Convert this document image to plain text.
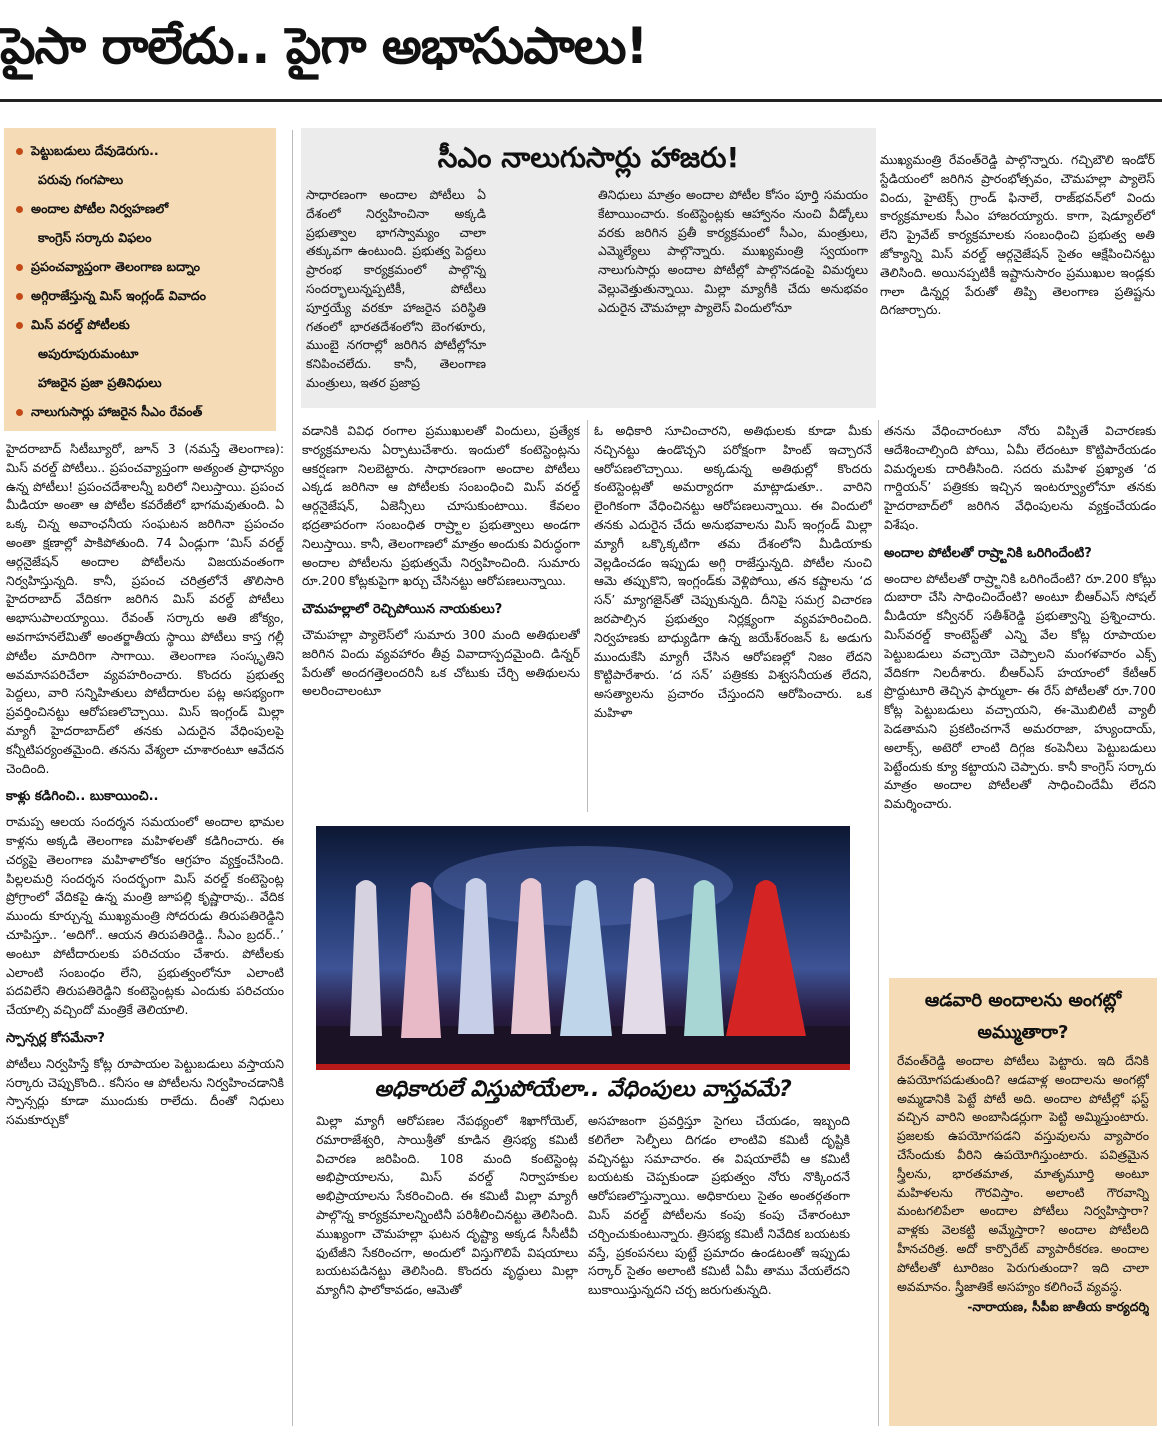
పైసా రాలేదు.. పైగా అభాసుపాలు!
పెట్టుబడులు దేవుడెరుగు..
పరువు గంగపాలు
అందాల పోటీల నిర్వహణలో
కాంగ్రెస్‌ సర్కారు విఫలం
ప్రపంచవ్యాప్తంగా తెలంగాణ బద్నాం
అగ్గిరాజేస్తున్న మిస్‌ ఇంగ్లండ్‌ వివాదం
మిస్‌ వరల్డ్‌ పోటీలకు
అపురూపురుమంటూ
హాజరైన ప్రజా ప్రతినిధులు
నాలుగుసార్లు హాజరైన సీఎం రేవంత్‌
సీఎం నాలుగుసార్లు హాజరు!
సాధారణంగా అందాల పోటీలు ఏ దేశంలో నిర్వహించినా అక్కడి ప్రభుత్వాల భాగస్వామ్యం చాలా తక్కువగా ఉంటుంది. ప్రభుత్వ పెద్దలు ప్రారంభ కార్యక్రమంలో పాల్గొన్న సందర్భాలున్నప్పటికీ, పోటీలు పూర్తయ్యే వరకూ హాజరైన పరిస్థితి గతంలో భారతదేశంలోని బెంగళూరు, ముంబై నగరాల్లో జరిగిన పోటీల్లోనూ కనిపించలేదు. కానీ, తెలంగాణ మంత్రులు, ఇతర ప్రజాప్ర
తినిధులు మాత్రం అందాల పోటీల కోసం పూర్తి సమయం కేటాయించారు. కంటెస్టెంట్లకు ఆహ్వానం నుంచి వీడ్కోలు వరకు జరిగిన ప్రతీ కార్యక్రమంలో సీఎం, మంత్రులు, ఎమ్మెల్యేలు పాల్గొన్నారు. ముఖ్యమంత్రి స్వయంగా నాలుగుసార్లు అందాల పోటీల్లో పాల్గొనడంపై విమర్శలు వెల్లువెత్తుతున్నాయి. మిల్లా మ్యాగీకి చేదు అనుభవం ఎదురైన చౌమహల్లా ప్యాలెస్‌ విందులోనూ
ముఖ్యమంత్రి రేవంత్‌రెడ్డి పాల్గొన్నారు. గచ్చిబౌలి ఇండోర్‌ స్టేడియంలో జరిగిన ప్రారంభోత్సవం, చౌమహల్లా ప్యాలెస్‌ విందు, హైటెక్స్‌ గ్రాండ్‌ ఫినాలే, రాజ్‌భవన్‌లో విందు కార్యక్రమాలకు సీఎం హాజరయ్యారు. కాగా, షెడ్యూల్‌లో లేని ప్రైవేట్‌ కార్యక్రమాలకు సంబంధించి ప్రభుత్వ అతి జోక్యాన్ని మిస్‌ వరల్డ్‌ ఆర్గనైజేషన్‌ సైతం ఆక్షేపించినట్టు తెలిసింది. అయినప్పటికీ ఇష్టానుసారం ప్రముఖుల ఇండ్లకు గాలా డిన్నర్ల పేరుతో తిప్పి తెలంగాణ ప్రతిష్టను దిగజార్చారు.

హైదరాబాద్‌ సిటీబ్యూరో, జూన్‌ 3 (నమస్తే తెలంగాణ): మిస్‌ వరల్డ్‌ పోటీలు.. ప్రపంచవ్యాప్తంగా అత్యంత ప్రాధాన్యం ఉన్న పోటీలు! ప్రపంచదేశాలన్నీ బరిలో నిలుస్తాయి. ప్రపంచ మీడియా అంతా ఆ పోటీల కవరేజీలో భాగమవుతుంది. ఏ ఒక్క చిన్న అవాంఛనీయ సంఘటన జరిగినా ప్రపంచం అంతా క్షణాల్లో పాకిపోతుంది. 74 ఏండ్లుగా ‘మిస్‌ వరల్డ్‌ ఆర్గనైజేషన్‌ అందాల పోటీలను విజయవంతంగా నిర్వహిస్తున్నది. కానీ, ప్రపంచ చరిత్రలోనే తొలిసారి హైదరాబాద్‌ వేదికగా జరిగిన మిస్‌ వరల్డ్‌ పోటీలు అభాసుపాలయ్యాయి. రేవంత్‌ సర్కారు అతి జోక్యం, అవగాహనలేమితో అంతర్జాతీయ స్థాయి పోటీలు కాస్త గల్లీ పోటీల మాదిరిగా సాగాయి. తెలంగాణ సంస్కృతిని అవమానపరిచేలా వ్యవహరించారు. కొందరు ప్రభుత్వ పెద్దలు, వారి సన్నిహితులు పోటీదారుల పట్ల అసభ్యంగా ప్రవర్తించినట్టు ఆరోపణలొచ్చాయి. మిస్‌ ఇంగ్లండ్‌ మిల్లా మ్యాగీ హైదరాబాద్‌లో తనకు ఎదురైన వేధింపులపై కన్నీటిపర్యంతమైంది. తనను వేశ్యలా చూశారంటూ ఆవేదన చెందింది.

కాళ్లు కడిగించి.. బుకాయించి..

రామప్ప ఆలయ సందర్శన సమయంలో అందాల భామల కాళ్లను అక్కడి తెలంగాణ మహిళలతో కడిగించారు. ఈ చర్యపై తెలంగాణ మహిళాలోకం ఆగ్రహం వ్యక్తంచేసింది. పిల్లలమర్రి సందర్శన సందర్భంగా మిస్‌ వరల్డ్‌ కంటెస్టెంట్ల ప్రోగ్రాంలో వేదికపై ఉన్న మంత్రి జూపల్లి కృష్ణారావు.. వేదిక ముందు కూర్చున్న ముఖ్యమంత్రి సోదరుడు తిరుపతిరెడ్డిని చూపిస్తూ.. ‘అదిగో.. ఆయన తిరుపతిరెడ్డి.. సీఎం బ్రదర్‌..’ అంటూ పోటీదారులకు పరిచయం చేశారు. పోటీలకు ఎలాంటి సంబంధం లేని, ప్రభుత్వంలోనూ ఎలాంటి పదవిలేని తిరుపతిరెడ్డిని కంటెస్టెంట్లకు ఎందుకు పరిచయం చేయాల్సి వచ్చిందో మంత్రికే తెలియాలి.

స్పాన్సర్ల కోసమేనా?

పోటీలు నిర్వహిస్తే కోట్ల రూపాయల పెట్టుబడులు వస్తాయని సర్కారు చెప్పుకొంది.. కనీసం ఆ పోటీలను నిర్వహించడానికి స్పాన్సర్లు కూడా ముందుకు రాలేదు. దీంతో నిధులు సమకూర్చుకో

వడానికి వివిధ రంగాల ప్రముఖులతో విందులు, ప్రత్యేక కార్యక్రమాలను ఏర్పాటుచేశారు. ఇందులో కంటెస్టెంట్లను ఆకర్షణగా నిలబెట్టారు. సాధారణంగా అందాల పోటీలు ఎక్కడ జరిగినా ఆ పోటీలకు సంబంధించి మిస్‌ వరల్డ్‌ ఆర్గనైజేషన్‌, ఏజెన్సీలు చూసుకుంటాయి. కేవలం భద్రతాపరంగా సంబంధిత రాష్ర్టాల ప్రభుత్వాలు అండగా నిలుస్తాయి. కానీ, తెలంగాణలో మాత్రం అందుకు విరుద్ధంగా అందాల పోటీలను ప్రభుత్వమే నిర్వహించింది. సుమారు రూ.200 కోట్లకుపైగా ఖర్చు చేసినట్టు ఆరోపణలున్నాయి.

చౌమహల్లాలో రెచ్చిపోయిన నాయకులు?

చౌమహల్లా ప్యాలెస్‌లో సుమారు 300 మంది అతిథులతో జరిగిన విందు వ్యవహారం తీవ్ర వివాదాస్పదమైంది. డిన్నర్‌ పేరుతో అందగత్తెలందరినీ ఒక చోటుకు చేర్చి అతిథులను అలరించాలంటూ

ఓ అధికారి సూచించారని, అతిథులకు కూడా మీకు నచ్చినట్టు ఉండొచ్చని పరోక్షంగా హింట్‌ ఇచ్చారనే ఆరోపణలొచ్చాయి. అక్కడున్న అతిథుల్లో కొందరు కంటెస్టెంట్లతో అమర్యాదగా మాట్లాడుతూ.. వారిని లైంగికంగా వేధించినట్టు ఆరోపణలున్నాయి. ఈ విందులో తనకు ఎదురైన చేదు అనుభవాలను మిస్‌ ఇంగ్లండ్‌ మిల్లా మ్యాగీ ఒక్కొక్కటిగా తమ దేశంలోని మీడియాకు వెల్లడించడం ఇప్పుడు అగ్గి రాజేస్తున్నది. పోటీల నుంచి ఆమె తప్పుకొని, ఇంగ్లండ్‌కు వెళ్లిపోయి, తన కష్టాలను ‘ద సన్‌’ మ్యాగజైన్‌తో చెప్పుకున్నది. దీనిపై సమగ్ర విచారణ జరపాల్సిన ప్రభుత్వం నిర్లక్ష్యంగా వ్యవహరించింది. నిర్వహణకు బాధ్యుడిగా ఉన్న జయేశ్‌రంజన్‌ ఓ అడుగు ముందుకేసి మ్యాగీ చేసిన ఆరోపణల్లో నిజం లేదని కొట్టిపారేశారు. ‘ద సన్‌’ పత్రికకు విశ్వసనీయత లేదని, అసత్యాలను ప్రచారం చేస్తుందని ఆరోపించారు. ఒక మహిళా

తనను వేధించారంటూ నోరు విప్పితే విచారణకు ఆదేశించాల్సింది పోయి, ఏమీ లేదంటూ కొట్టిపారేయడం విమర్శలకు దారితీసింది. సదరు మహిళ ప్రఖ్యాత ‘ద గార్డియన్‌’ పత్రికకు ఇచ్చిన ఇంటర్వ్యూలోనూ తనకు హైదరాబాద్‌లో జరిగిన వేధింపులను వ్యక్తంచేయడం విశేషం.

అందాల పోటీలతో రాష్ర్టానికి ఒరిగిందేంటి?

అందాల పోటీలతో రాష్ర్టానికి ఒరిగిందేంటి? రూ.200 కోట్లు దుబారా చేసి సాధించిందేంటి? అంటూ బీఆర్‌ఎస్‌ సోషల్‌ మీడియా కన్వీనర్‌ సతీశ్‌రెడ్డి ప్రభుత్వాన్ని ప్రశ్నించారు. మిస్‌వరల్డ్‌ కాంటెస్ట్‌తో ఎన్ని వేల కోట్ల రూపాయల పెట్టుబడులు వచ్చాయో చెప్పాలని మంగళవారం ఎక్స్‌ వేదికగా నిలదీశారు. బీఆర్‌ఎస్‌ హయాంలో కేటీఆర్‌ ప్రొద్దుటూరి తెచ్చిన ఫార్ములా- ఈ రేస్‌ పోటీలతో రూ.700 కోట్ల పెట్టుబడులు వచ్చాయని, ఈ-మొబిలిటీ వ్యాలీ పెడతామని ప్రకటించగానే అమరరాజా, హ్యుందాయ్‌, అలాక్స్‌, అటెరో లాంటి దిగ్గజ కంపెనీలు పెట్టుబడులు పెట్టేందుకు క్యూ కట్టాయని చెప్పారు. కానీ కాంగ్రెస్‌ సర్కారు మాత్రం అందాల పోటీలతో సాధించిందేమీ లేదని విమర్శించారు.

అధికారులే విస్తుపోయేలా.. వేధింపులు వాస్తవమే?
మిల్లా మ్యాగీ ఆరోపణల నేపథ్యంలో శిఖాగోయెల్‌, రమారాజేశ్వరి, సాయిశ్రీతో కూడిన త్రిసభ్య కమిటీ విచారణ జరిపింది. 108 మంది కంటెస్టెంట్ల అభిప్రాయాలను, మిస్‌ వరల్డ్‌ నిర్వాహకుల అభిప్రాయాలను సేకరించింది. ఈ కమిటీ మిల్లా మ్యాగీ పాల్గొన్న కార్యక్రమాలన్నింటినీ పరిశీలించినట్టు తెలిసింది. ముఖ్యంగా చౌమహల్లా ఘటన దృష్ట్యా అక్కడ సీసీటీవీ ఫుటేజీని సేకరించగా, అందులో విస్తుగొలిపే విషయాలు బయటపడినట్టు తెలిసింది. కొందరు వృద్ధులు మిల్లా మ్యాగీని ఫాలోకావడం, ఆమెతో
అసహజంగా ప్రవర్తిస్తూ సైగలు చేయడం, ఇబ్బంది కలిగేలా సెల్ఫీలు దిగడం లాంటివి కమిటీ దృష్టికి వచ్చినట్టు సమాచారం. ఈ విషయాలేవీ ఆ కమిటీ బయటకు చెప్పకుండా ప్రభుత్వం నోరు నొక్కిందనే ఆరోపణలొస్తున్నాయి. అధికారులు సైతం అంతర్గతంగా మిస్‌ వరల్డ్‌ పోటీలను కంపు కంపు చేశారంటూ చర్చించుకుంటున్నారు. త్రిసభ్య కమిటీ నివేదిక బయటకు వస్తే, ప్రకంపనలు పుట్టే ప్రమాదం ఉండటంతో ఇప్పుడు సర్కార్‌ సైతం అలాంటి కమిటీ ఏమీ తాము వేయలేదని బుకాయిస్తున్నదని చర్చ జరుగుతున్నది.
ఆడవారి అందాలను అంగట్లో అమ్ముతారా?

రేవంత్‌రెడ్డి అందాల పోటీలు పెట్టారు. ఇది దేనికి ఉపయోగపడుతుంది? ఆడవాళ్ల అందాలను అంగట్లో అమ్మడానికి పెట్టే పోటీ అది. అందాల పోటీల్లో ఫస్ట్‌ వచ్చిన వారిని అంబాసిడర్లుగా పెట్టి అమ్మిస్తుంటారు. ప్రజలకు ఉపయోగపడని వస్తువులను వ్యాపారం చేసేందుకు వీరిని ఉపయోగిస్తుంటారు. పవిత్రమైన స్త్రీలను, భారతమాత, మాతృమూర్తి అంటూ మహిళలను గౌరవిస్తాం. అలాంటి గౌరవాన్ని మంటగలిపేలా అందాల పోటీలు నిర్వహిస్తారా? వాళ్లకు వెలకట్టి అమ్మేస్తారా? అందాల పోటీలది హీనచరిత్ర. అదో కార్పొరేట్‌ వ్యాపారీకరణ. అందాల పోటీలతో టూరిజం పెరుగుతుందా? ఇది చాలా అవమానం. స్త్రీజాతికే అసహ్యం కలిగించే వ్యవస్థ.

-నారాయణ, సీపీఐ జాతీయ కార్యదర్శి
